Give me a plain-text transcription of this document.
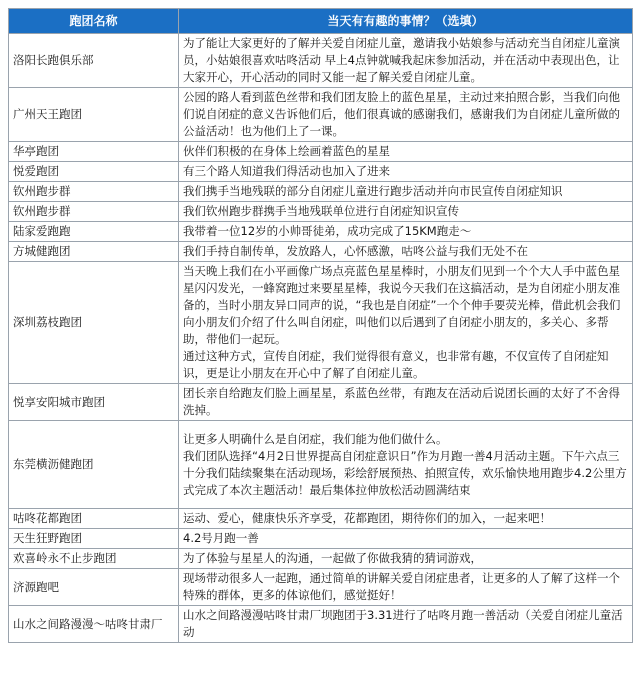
跑团名称	当天有有趣的事情？（选填）
洛阳长跑俱乐部	为了能让大家更好的了解并关爱自闭症儿童，邀请我小姑娘参与活动充当自闭症儿童演员，小姑娘很喜欢咕咚活动 早上4点钟就喊我起床参加活动，并在活动中表现出色，让大家开心，开心活动的同时又能一起了解关爱自闭症儿童。

广州天王跑团	公园的路人看到蓝色丝带和我们团友脸上的蓝色星星，主动过来拍照合影，当我们向他们说自闭症的意义告诉他们后，他们很真诚的感谢我们，感谢我们为自闭症儿童所做的公益活动！也为他们上了一课。

华亭跑团	伙伴们积极的在身体上绘画着蓝色的星星

悦爱跑团	有三个路人知道我们得活动也加入了进来

钦州跑步群	我们携手当地残联的部分自闭症儿童进行跑步活动并向市民宣传自闭症知识

钦州跑步群	我们钦州跑步群携手当地残联单位进行自闭症知识宣传

陆家爱跑跑	我带着一位12岁的小帅哥徒弟，成功完成了15KM跑走～

方城健跑团	我们手持自制传单，发放路人，心怀感激，咕咚公益与我们无处不在

深圳荔枝跑团	当天晚上我们在小平画像广场点亮蓝色星星棒时，小朋友们见到一个个大人手中蓝色星星闪闪发光，一蜂窝跑过来要星星棒，我说今天我们在这搞活动，是为自闭症小朋友准备的，当时小朋友异口同声的说，“我也是自闭症”一个个伸手要荧光棒，借此机会我们向小朋友们介绍了什么叫自闭症，叫他们以后遇到了自闭症小朋友的，多关心、多帮助，带他们一起玩。
通过这种方式，宣传自闭症，我们觉得很有意义，也非常有趣，不仅宣传了自闭症知识，更是让小朋友在开心中了解了自闭症儿童。

悦享安阳城市跑团	团长亲自给跑友们脸上画星星，系蓝色丝带，有跑友在活动后说团长画的太好了不舍得洗掉。

东莞横沥健跑团	让更多人明确什么是自闭症，我们能为他们做什么。
我们团队选择“4月2日世界提高自闭症意识日”作为月跑一善4月活动主题。下午六点三十分我们陆续聚集在活动现场，彩绘舒展预热、拍照宣传，欢乐愉快地用跑步4.2公里方式完成了本次主题活动！最后集体拉伸放松活动圆满结束

咕咚花都跑团	运动、爱心，健康快乐齐享受，花都跑团，期待你们的加入，一起来吧！

天生狂野跑团	4.2号月跑一善

欢喜岭永不止步跑团	为了体验与星星人的沟通，一起做了你做我猜的猜词游戏，

济源跑吧	现场带动很多人一起跑，通过简单的讲解关爱自闭症患者，让更多的人了解了这样一个特殊的群体，更多的体谅他们，感觉挺好！

山水之间路漫漫～咕咚甘肃厂	山水之间路漫漫咕咚甘肃厂坝跑团于3.31进行了咕咚月跑一善活动（关爱自闭症儿童活动
